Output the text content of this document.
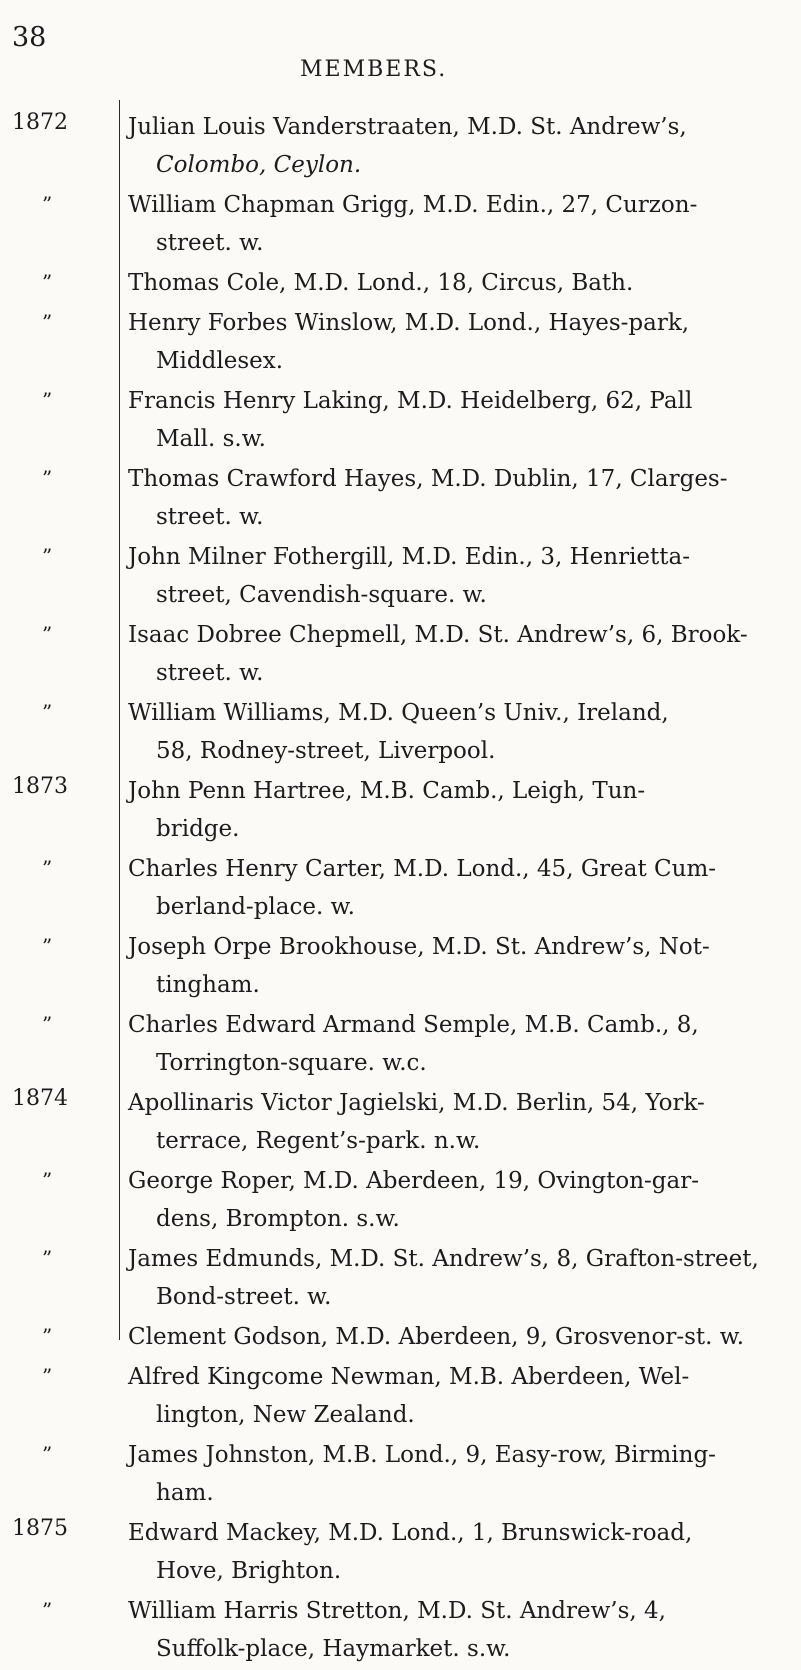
38
MEMBERS.
1872	Julian Louis Vanderstraaten, M.D. St. Andrew’s,
Colombo, Ceylon.
”	William Chapman Grigg, M.D. Edin., 27, Curzon-
street. w.
”	Thomas Cole, M.D. Lond., 18, Circus, Bath.
”	Henry Forbes Winslow, M.D. Lond., Hayes-park,
Middlesex.
”	Francis Henry Laking, M.D. Heidelberg, 62, Pall
Mall. s.w.
”	Thomas Crawford Hayes, M.D. Dublin, 17, Clarges-
street. w.
”	John Milner Fothergill, M.D. Edin., 3, Henrietta-
street, Cavendish-square. w.
”	Isaac Dobree Chepmell, M.D. St. Andrew’s, 6, Brook-
street. w.
”	William Williams, M.D. Queen’s Univ., Ireland,
58, Rodney-street, Liverpool.
1873	John Penn Hartree, M.B. Camb., Leigh, Tun-
bridge.
”	Charles Henry Carter, M.D. Lond., 45, Great Cum-
berland-place. w.
”	Joseph Orpe Brookhouse, M.D. St. Andrew’s, Not-
tingham.
”	Charles Edward Armand Semple, M.B. Camb., 8,
Torrington-square. w.c.
1874	Apollinaris Victor Jagielski, M.D. Berlin, 54, York-
terrace, Regent’s-park. n.w.
”	George Roper, M.D. Aberdeen, 19, Ovington-gar-
dens, Brompton. s.w.
”	James Edmunds, M.D. St. Andrew’s, 8, Grafton-street,
Bond-street. w.
”	Clement Godson, M.D. Aberdeen, 9, Grosvenor-st. w.
”	Alfred Kingcome Newman, M.B. Aberdeen, Wel-
lington, New Zealand.
”	James Johnston, M.B. Lond., 9, Easy-row, Birming-
ham.
1875	Edward Mackey, M.D. Lond., 1, Brunswick-road,
Hove, Brighton.
”	William Harris Stretton, M.D. St. Andrew’s, 4,
Suffolk-place, Haymarket. s.w.
